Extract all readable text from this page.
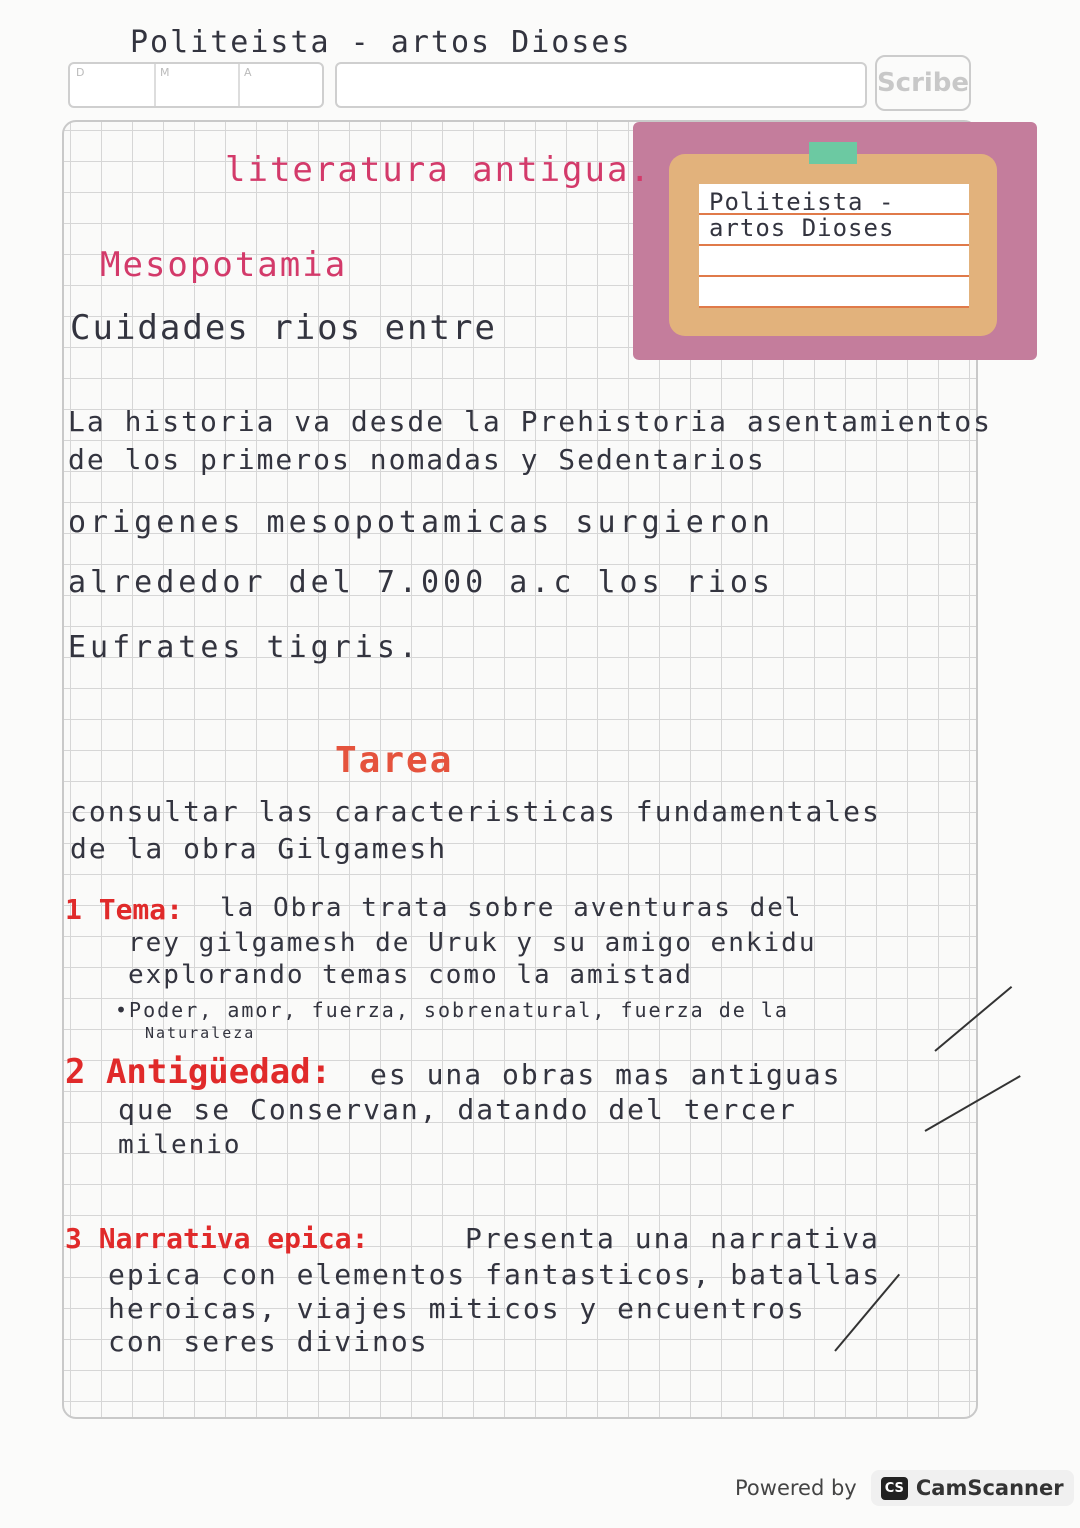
Politeista - artos Dioses
D	M	A	Scribe
Politeista -
artos Dioses
literatura antigua.
Mesopotamia
Cuidades rios entre
La historia va desde la Prehistoria asentamientos
de los primeros nomadas y Sedentarios
origenes mesopotamicas surgieron
alrededor del 7.000 a.c los rios
Eufrates tigris.
Tarea
consultar las caracteristicas fundamentales
de la obra Gilgamesh
1 Tema: la Obra trata sobre aventuras del
rey gilgamesh de Uruk y su amigo enkidu
explorando temas como la amistad
•Poder, amor, fuerza, sobrenatural, fuerza de la
Naturaleza
2 Antigüedad: es una obras mas antiguas
que se Conservan, datando del tercer
milenio
3 Narrativa epica:	Presenta una narrativa
epica con elementos fantasticos, batallas
heroicas, viajes miticos y encuentros
con seres divinos
Powered by	CS CamScanner
